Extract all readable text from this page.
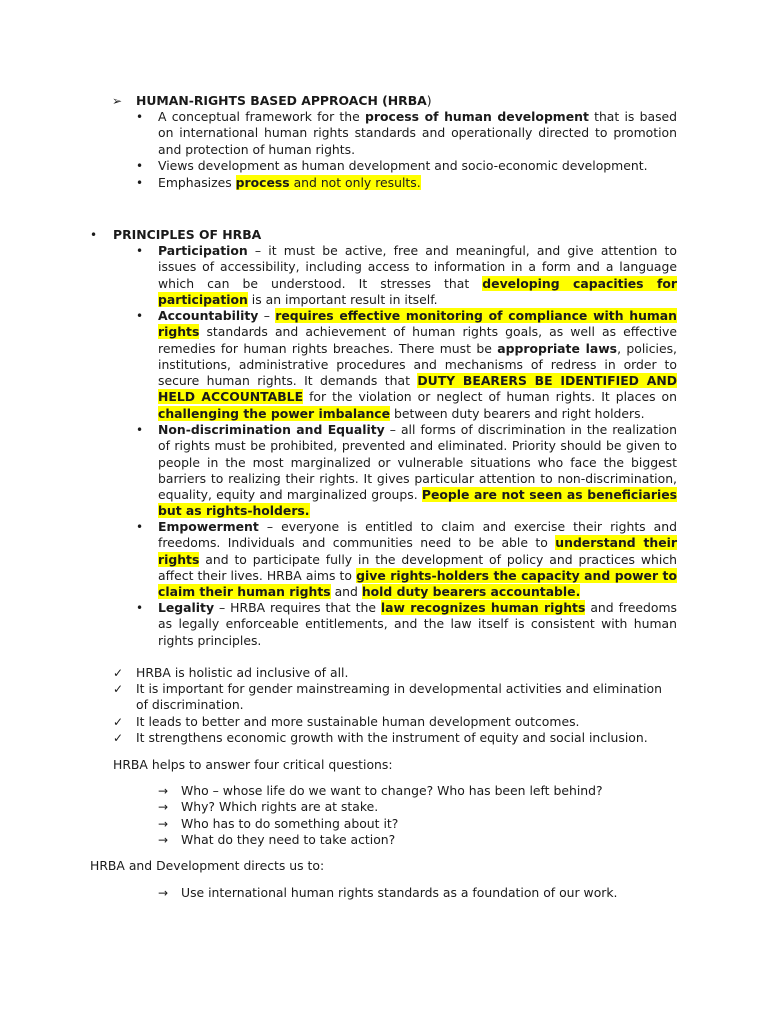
➢ HUMAN-RIGHTS BASED APPROACH (HRBA)
• A conceptual framework for the process of human development that is based on international human rights standards and operationally directed to promotion and protection of human rights.
• Views development as human development and socio-economic development.
• Emphasizes process and not only results.
• PRINCIPLES OF HRBA
• Participation – it must be active, free and meaningful, and give attention to issues of accessibility, including access to information in a form and a language which can be understood. It stresses that developing capacities for participation is an important result in itself.
• Accountability – requires effective monitoring of compliance with human rights standards and achievement of human rights goals, as well as effective remedies for human rights breaches. There must be appropriate laws, policies, institutions, administrative procedures and mechanisms of redress in order to secure human rights. It demands that DUTY BEARERS BE IDENTIFIED AND HELD ACCOUNTABLE for the violation or neglect of human rights. It places on challenging the power imbalance between duty bearers and right holders.
• Non-discrimination and Equality – all forms of discrimination in the realization of rights must be prohibited, prevented and eliminated. Priority should be given to people in the most marginalized or vulnerable situations who face the biggest barriers to realizing their rights. It gives particular attention to non-discrimination, equality, equity and marginalized groups. People are not seen as beneficiaries but as rights-holders.
• Empowerment – everyone is entitled to claim and exercise their rights and freedoms. Individuals and communities need to be able to understand their rights and to participate fully in the development of policy and practices which affect their lives. HRBA aims to give rights-holders the capacity and power to claim their human rights and hold duty bearers accountable.
• Legality – HRBA requires that the law recognizes human rights and freedoms as legally enforceable entitlements, and the law itself is consistent with human rights principles.
✓ HRBA is holistic ad inclusive of all.
✓ It is important for gender mainstreaming in developmental activities and elimination of discrimination.
✓ It leads to better and more sustainable human development outcomes.
✓ It strengthens economic growth with the instrument of equity and social inclusion.
HRBA helps to answer four critical questions:
→ Who – whose life do we want to change? Who has been left behind?
→ Why? Which rights are at stake.
→ Who has to do something about it?
→ What do they need to take action?
HRBA and Development directs us to:
→ Use international human rights standards as a foundation of our work.
